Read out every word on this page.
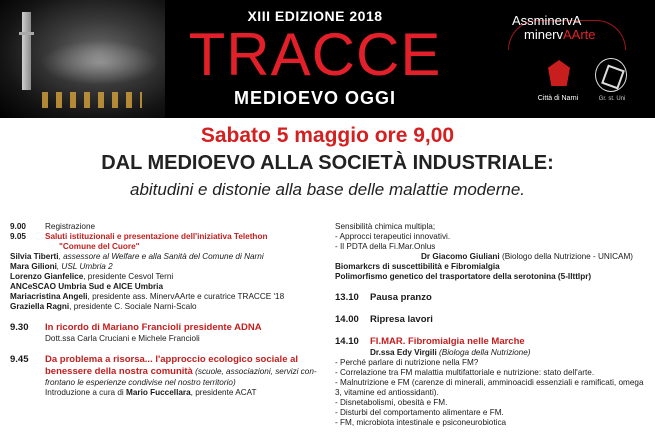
XIII EDIZIONE 2018
TRACCE
MEDIOEVO OGGI
AssminervA
minervAArte
Città di Narni	Gr. st. Uni
Sabato 5 maggio ore 9,00
DAL MEDIOEVO ALLA SOCIETÀ INDUSTRIALE:
abitudini e distonie alla base delle malattie moderne.
9.00	Registrazione
9.05	Saluti istituzionali e presentazione dell'iniziativa Telethon
"Comune del Cuore"
Silvia Tiberti, assessore al Welfare e alla Sanità del Comune di Narni
Mara Gilioni, USL Umbria 2
Lorenzo Gianfelice, presidente Cesvol Terni
ANCeSCAO Umbria Sud e AICE Umbria
Mariacristina Angeli, presidente ass. MinervAArte e curatrice TRACCE '18
Graziella Ragni, presidente C. Sociale Narni-Scalo
9.30	In ricordo di Mariano Francioli presidente ADNA
Dott.ssa Carla Cruciani e Michele Francioli
9.45	Da problema a risorsa... l'approccio ecologico sociale al
benessere della nostra comunità (scuole, associazioni, servizi con-
frontano le esperienze condivise nel nostro territorio)
Introduzione a cura di Mario Fuccellara, presidente ACAT
Sensibilità chimica multipla;
- Approcci terapeutici innovativi.
- Il PDTA della Fi.Mar.Onlus
Dr Giacomo Giuliani (Biologo della Nutrizione - UNICAM)
Biomarkcrs di suscettibilità e Fibromialgia
Polimorfismo genetico del trasportatore della serotonina (5-llttlpr)
13.10	Pausa pranzo
14.00	Ripresa lavori
14.10	FI.MAR. Fibromialgia nelle Marche
Dr.ssa Edy Virgili (Biologa della Nutrizione)
- Perché parlare di nutrizione nella FM?
- Correlazione tra FM malattia multifattoriale e nutrizione: stato dell'arte.
- Malnutrizione e FM (carenze di minerali, amminoacidi essenziali e ramificati, omega 3, vitamine ed antiossidanti).
- Disnetabolismi, obesità e FM.
- Disturbi del comportamento alimentare e FM.
- FM, microbiota intestinale e psiconeurobiotica
